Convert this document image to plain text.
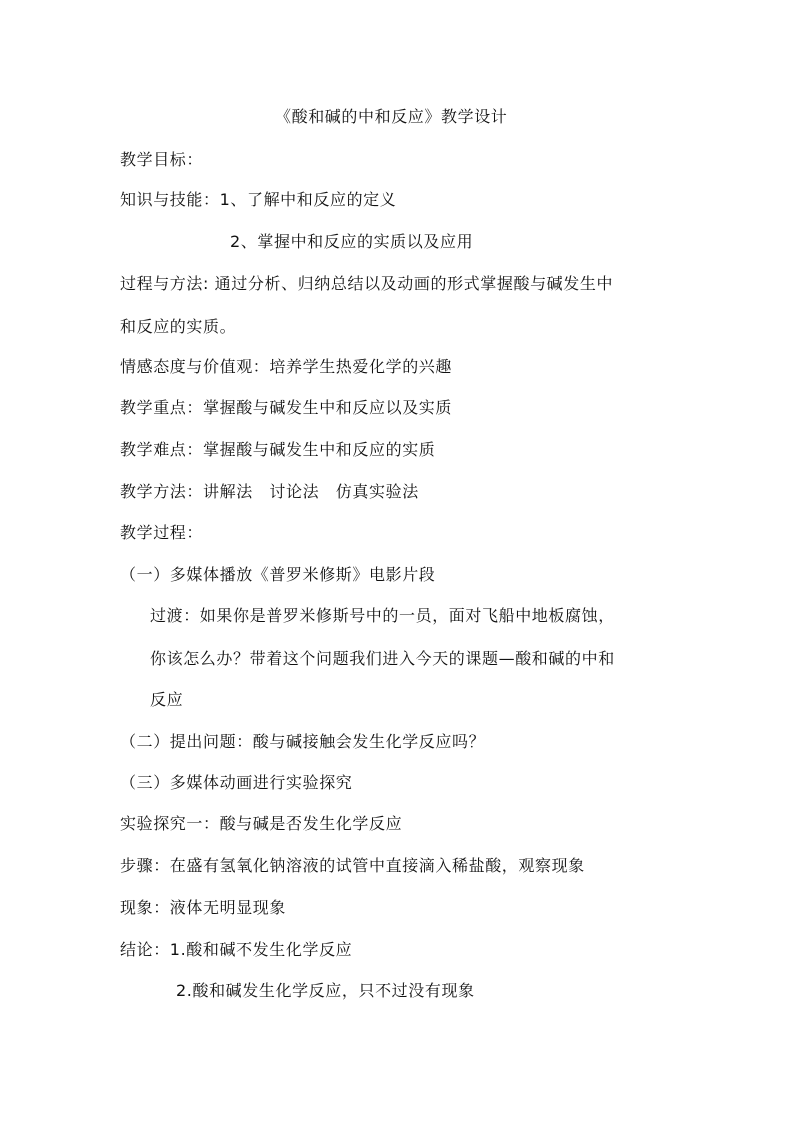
《酸和碱的中和反应》教学设计
教学目标：
知识与技能：1、了解中和反应的定义
2、掌握中和反应的实质以及应用
过程与方法: 通过分析、归纳总结以及动画的形式掌握酸与碱发生中
和反应的实质。
情感态度与价值观：培养学生热爱化学的兴趣
教学重点：掌握酸与碱发生中和反应以及实质
教学难点：掌握酸与碱发生中和反应的实质
教学方法：讲解法　讨论法　仿真实验法
教学过程：
（一）多媒体播放《普罗米修斯》电影片段
过渡：如果你是普罗米修斯号中的一员，面对飞船中地板腐蚀，
你该怎么办？带着这个问题我们进入今天的课题—酸和碱的中和
反应
（二）提出问题：酸与碱接触会发生化学反应吗？
（三）多媒体动画进行实验探究
实验探究一：酸与碱是否发生化学反应
步骤：在盛有氢氧化钠溶液的试管中直接滴入稀盐酸，观察现象
现象：液体无明显现象
结论：1.酸和碱不发生化学反应
2.酸和碱发生化学反应，只不过没有现象
